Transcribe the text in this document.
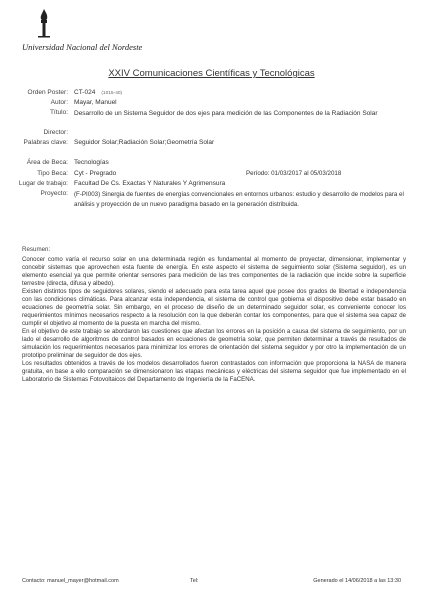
Universidad Nacional del Nordeste
XXIV Comunicaciones Científicas y Tecnológicas
Orden Poster: CT-024 (1015-40)
Autor: Mayar, Manuel
Título: Desarrollo de un Sistema Seguidor de dos ejes para medición de las Componentes de la Radiación Solar
Director:
Palabras clave: Seguidor Solar;Radiación Solar;Geometría Solar
Área de Beca: Tecnologías
Tipo Beca: Cyt - Pregrado	Período: 01/03/2017 al 05/03/2018
Lugar de trabajo: Facultad De Cs. Exactas Y Naturales Y Agrimensura
Proyecto: (F-PI003) Sinergia de fuentes de energías convencionales en entornos urbanos: estudio y desarrollo de modelos para el análisis y proyección de un nuevo paradigma basado en la generación distribuida.
Resumen:

Conocer como varía el recurso solar en una determinada región es fundamental al momento de proyectar, dimensionar, implementar y concebir sistemas que aprovechen esta fuente de energía. En este aspecto el sistema de seguimiento solar (Sistema seguidor), es un elemento esencial ya que permite orientar sensores para medición de las tres componentes de la radiación que incide sobre la superficie terrestre (directa, difusa y albedo).

Existen distintos tipos de seguidores solares, siendo el adecuado para esta tarea aquel que posee dos grados de libertad e independencia con las condiciones climáticas. Para alcanzar esta independencia, el sistema de control que gobierna el dispositivo debe estar basado en ecuaciones de geometría solar. Sin embargo, en el proceso de diseño de un determinado seguidor solar, es conveniente conocer los requerimientos mínimos necesarios respecto a la resolución con la que deberán contar los componentes, para que el sistema sea capaz de cumplir el objetivo al momento de la puesta en marcha del mismo.

En el objetivo de este trabajo se abordaron las cuestiones que afectan los errores en la posición a causa del sistema de seguimiento, por un lado el desarrollo de algoritmos de control basados en ecuaciones de geometría solar, que permiten determinar a través de resultados de simulación los requerimientos necesarios para minimizar los errores de orientación del sistema seguidor y por otro la implementación de un prototipo preliminar de seguidor de dos ejes.

Los resultados obtenidos a través de los modelos desarrollados fueron contrastados con información que proporciona la NASA de manera gratuita, en base a ello comparación se dimensionaron las etapas mecánicas y eléctricas del sistema seguidor que fue implementado en el Laboratorio de Sistemas Fotovoltaicos del Departamento de Ingeniería de la FaCENA.

Contacto: manuel_mayer@hotmail.com	Tel:	Generado el 14/06/2018 a las 13:30
